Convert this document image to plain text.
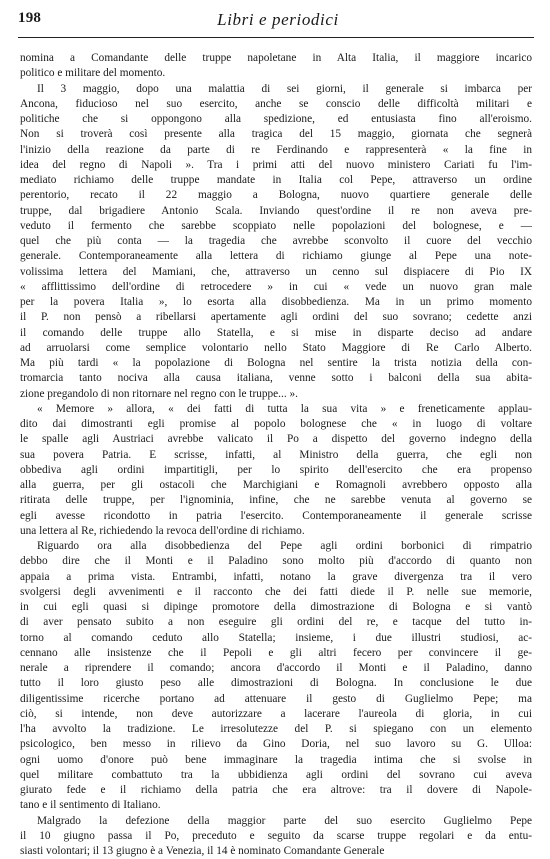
198	Libri e periodici
nomina a Comandante delle truppe napoletane in Alta Italia, il maggiore incarico
politico e militare del momento.
Il 3 maggio, dopo una malattia di sei giorni, il generale si imbarca per
Ancona, fiducioso nel suo esercito, anche se conscio delle difficoltà militari e
politiche che si oppongono alla spedizione, ed entusiasta fino all'eroismo.
Non si troverà così presente alla tragica del 15 maggio, giornata che segnerà
l'inizio della reazione da parte di re Ferdinando e rappresenterà « la fine in
idea del regno di Napoli ». Tra i primi atti del nuovo ministero Cariati fu l'im-
mediato richiamo delle truppe mandate in Italia col Pepe, attraverso un ordine
perentorio, recato il 22 maggio a Bologna, nuovo quartiere generale delle
truppe, dal brigadiere Antonio Scala. Inviando quest'ordine il re non aveva pre-
veduto il fermento che sarebbe scoppiato nelle popolazioni del bolognese, e —
quel che più conta — la tragedia che avrebbe sconvolto il cuore del vecchio
generale. Contemporaneamente alla lettera di richiamo giunge al Pepe una note-
volissima lettera del Mamiani, che, attraverso un cenno sul dispiacere di Pio IX
« afflittissimo dell'ordine di retrocedere » in cui « vede un nuovo gran male
per la povera Italia », lo esorta alla disobbedienza. Ma in un primo momento
il P. non pensò a ribellarsi apertamente agli ordini del suo sovrano; cedette anzi
il comando delle truppe allo Statella, e si mise in disparte deciso ad andare
ad arruolarsi come semplice volontario nello Stato Maggiore di Re Carlo Alberto.
Ma più tardi « la popolazione di Bologna nel sentire la trista notizia della con-
tromarcia tanto nociva alla causa italiana, venne sotto i balconi della sua abita-
zione pregandolo di non ritornare nel regno con le truppe... ».
« Memore » allora, « dei fatti di tutta la sua vita » e freneticamente applau-
dito dai dimostranti egli promise al popolo bolognese che « in luogo di voltare
le spalle agli Austriaci avrebbe valicato il Po a dispetto del governo indegno della
sua povera Patria. E scrisse, infatti, al Ministro della guerra, che egli non
obbediva agli ordini impartitigli, per lo spirito dell'esercito che era propenso
alla guerra, per gli ostacoli che Marchigiani e Romagnoli avrebbero opposto alla
ritirata delle truppe, per l'ignominia, infine, che ne sarebbe venuta al governo se
egli avesse ricondotto in patria l'esercito. Contemporaneamente il generale scrisse
una lettera al Re, richiedendo la revoca dell'ordine di richiamo.
Riguardo ora alla disobbedienza del Pepe agli ordini borbonici di rimpatrio
debbo dire che il Monti e il Paladino sono molto più d'accordo di quanto non
appaia a prima vista. Entrambi, infatti, notano la grave divergenza tra il vero
svolgersi degli avvenimenti e il racconto che dei fatti diede il P. nelle sue memorie,
in cui egli quasi si dipinge promotore della dimostrazione di Bologna e si vantò
di aver pensato subito a non eseguire gli ordini del re, e tacque del tutto in-
torno al comando ceduto allo Statella; insieme, i due illustri studiosi, ac-
cennano alle insistenze che il Pepoli e gli altri fecero per convincere il ge-
nerale a riprendere il comando; ancora d'accordo il Monti e il Paladino, danno
tutto il loro giusto peso alle dimostrazioni di Bologna. In conclusione le due
diligentissime ricerche portano ad attenuare il gesto di Guglielmo Pepe; ma
ciò, si intende, non deve autorizzare a lacerare l'aureola di gloria, in cui
l'ha avvolto la tradizione. Le irresolutezze del P. si spiegano con un elemento
psicologico, ben messo in rilievo da Gino Doria, nel suo lavoro su G. Ulloa:
ogni uomo d'onore può bene immaginare la tragedia intima che si svolse in
quel militare combattuto tra la ubbidienza agli ordini del sovrano cui aveva
giurato fede e il richiamo della patria che era altrove: tra il dovere di Napole-
tano e il sentimento di Italiano.
Malgrado la defezione della maggior parte del suo esercito Guglielmo Pepe
il 10 giugno passa il Po, preceduto e seguito da scarse truppe regolari e da entu-
siasti volontari; il 13 giugno è a Venezia, il 14 è nominato Comandante Generale
